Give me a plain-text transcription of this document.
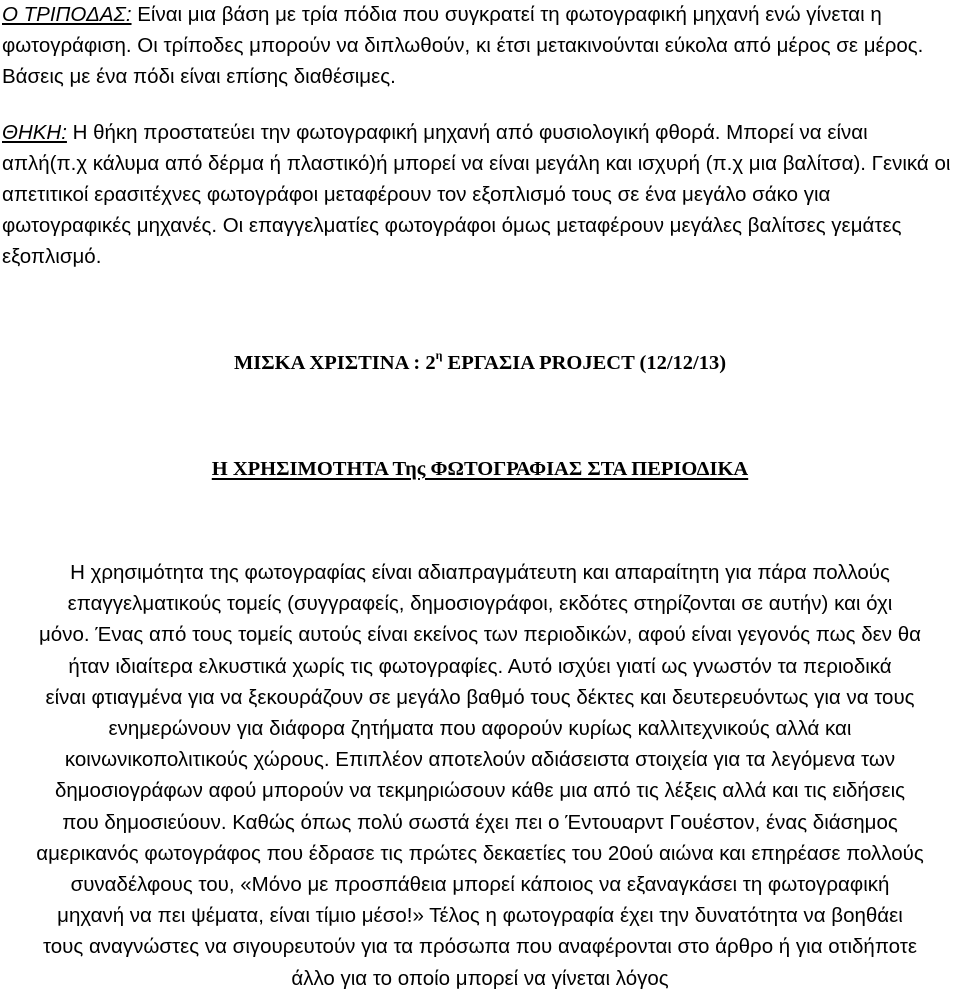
Ο ΤΡΙΠΟΔΑΣ: Είναι μια βάση με τρία πόδια που συγκρατεί τη φωτογραφική μηχανή ενώ γίνεται η φωτογράφιση. Οι τρίποδες μπορούν να διπλωθούν, κι έτσι μετακινούνται εύκολα από μέρος σε μέρος. Βάσεις με ένα πόδι είναι επίσης διαθέσιμες.

ΘΗΚΗ: Η θήκη προστατεύει την φωτογραφική μηχανή από φυσιολογική φθορά. Μπορεί να είναι απλή(π.χ κάλυμα από δέρμα ή πλαστικό)ή μπορεί να είναι μεγάλη και ισχυρή (π.χ μια βαλίτσα). Γενικά οι απετιτικοί ερασιτέχνες φωτογράφοι μεταφέρουν τον εξοπλισμό τους σε ένα μεγάλο σάκο για φωτογραφικές μηχανές. Οι επαγγελματίες φωτογράφοι όμως μεταφέρουν μεγάλες βαλίτσες γεμάτες εξοπλισμό.

ΜΙΣΚΑ ΧΡΙΣΤΙΝΑ : $2^\eta$ ΕΡΓΑΣΙΑ PROJECT (12/12/13)
Η ΧΡΗΣΙΜΟΤΗΤΑ Της ΦΩΤΟΓΡΑΦΙΑΣ ΣΤΑ ΠΕΡΙΟΔΙΚΑ
Η χρησιμότητα της φωτογραφίας είναι αδιαπραγμάτευτη και απαραίτητη για πάρα πολλούς
επαγγελματικούς τομείς (συγγραφείς, δημοσιογράφοι, εκδότες στηρίζονται σε αυτήν) και όχι
μόνο. Ένας από τους τομείς αυτούς είναι εκείνος των περιοδικών, αφού είναι γεγονός πως δεν θα
ήταν ιδιαίτερα ελκυστικά χωρίς τις φωτογραφίες. Αυτό ισχύει γιατί ως γνωστόν τα περιοδικά
είναι φτιαγμένα για να ξεκουράζουν σε μεγάλο βαθμό τους δέκτες και δευτερευόντως για να τους
ενημερώνουν για διάφορα ζητήματα που αφορούν κυρίως καλλιτεχνικούς αλλά και
κοινωνικοπολιτικούς χώρους. Επιπλέον αποτελούν αδιάσειστα στοιχεία για τα λεγόμενα των
δημοσιογράφων αφού μπορούν να τεκμηριώσουν κάθε μια από τις λέξεις αλλά και τις ειδήσεις
που δημοσιεύουν. Καθώς όπως πολύ σωστά έχει πει ο Έντουαρντ Γουέστον, ένας διάσημος
αμερικανός φωτογράφος που έδρασε τις πρώτες δεκαετίες του 20ού αιώνα και επηρέασε πολλούς
συναδέλφους του, «Μόνο με προσπάθεια μπορεί κάποιος να εξαναγκάσει τη φωτογραφική
μηχανή να πει ψέματα, είναι τίμιο μέσο!» Τέλος η φωτογραφία έχει την δυνατότητα να βοηθάει
τους αναγνώστες να σιγουρευτούν για τα πρόσωπα που αναφέρονται στο άρθρο ή για οτιδήποτε
άλλο για το οποίο μπορεί να γίνεται λόγος
